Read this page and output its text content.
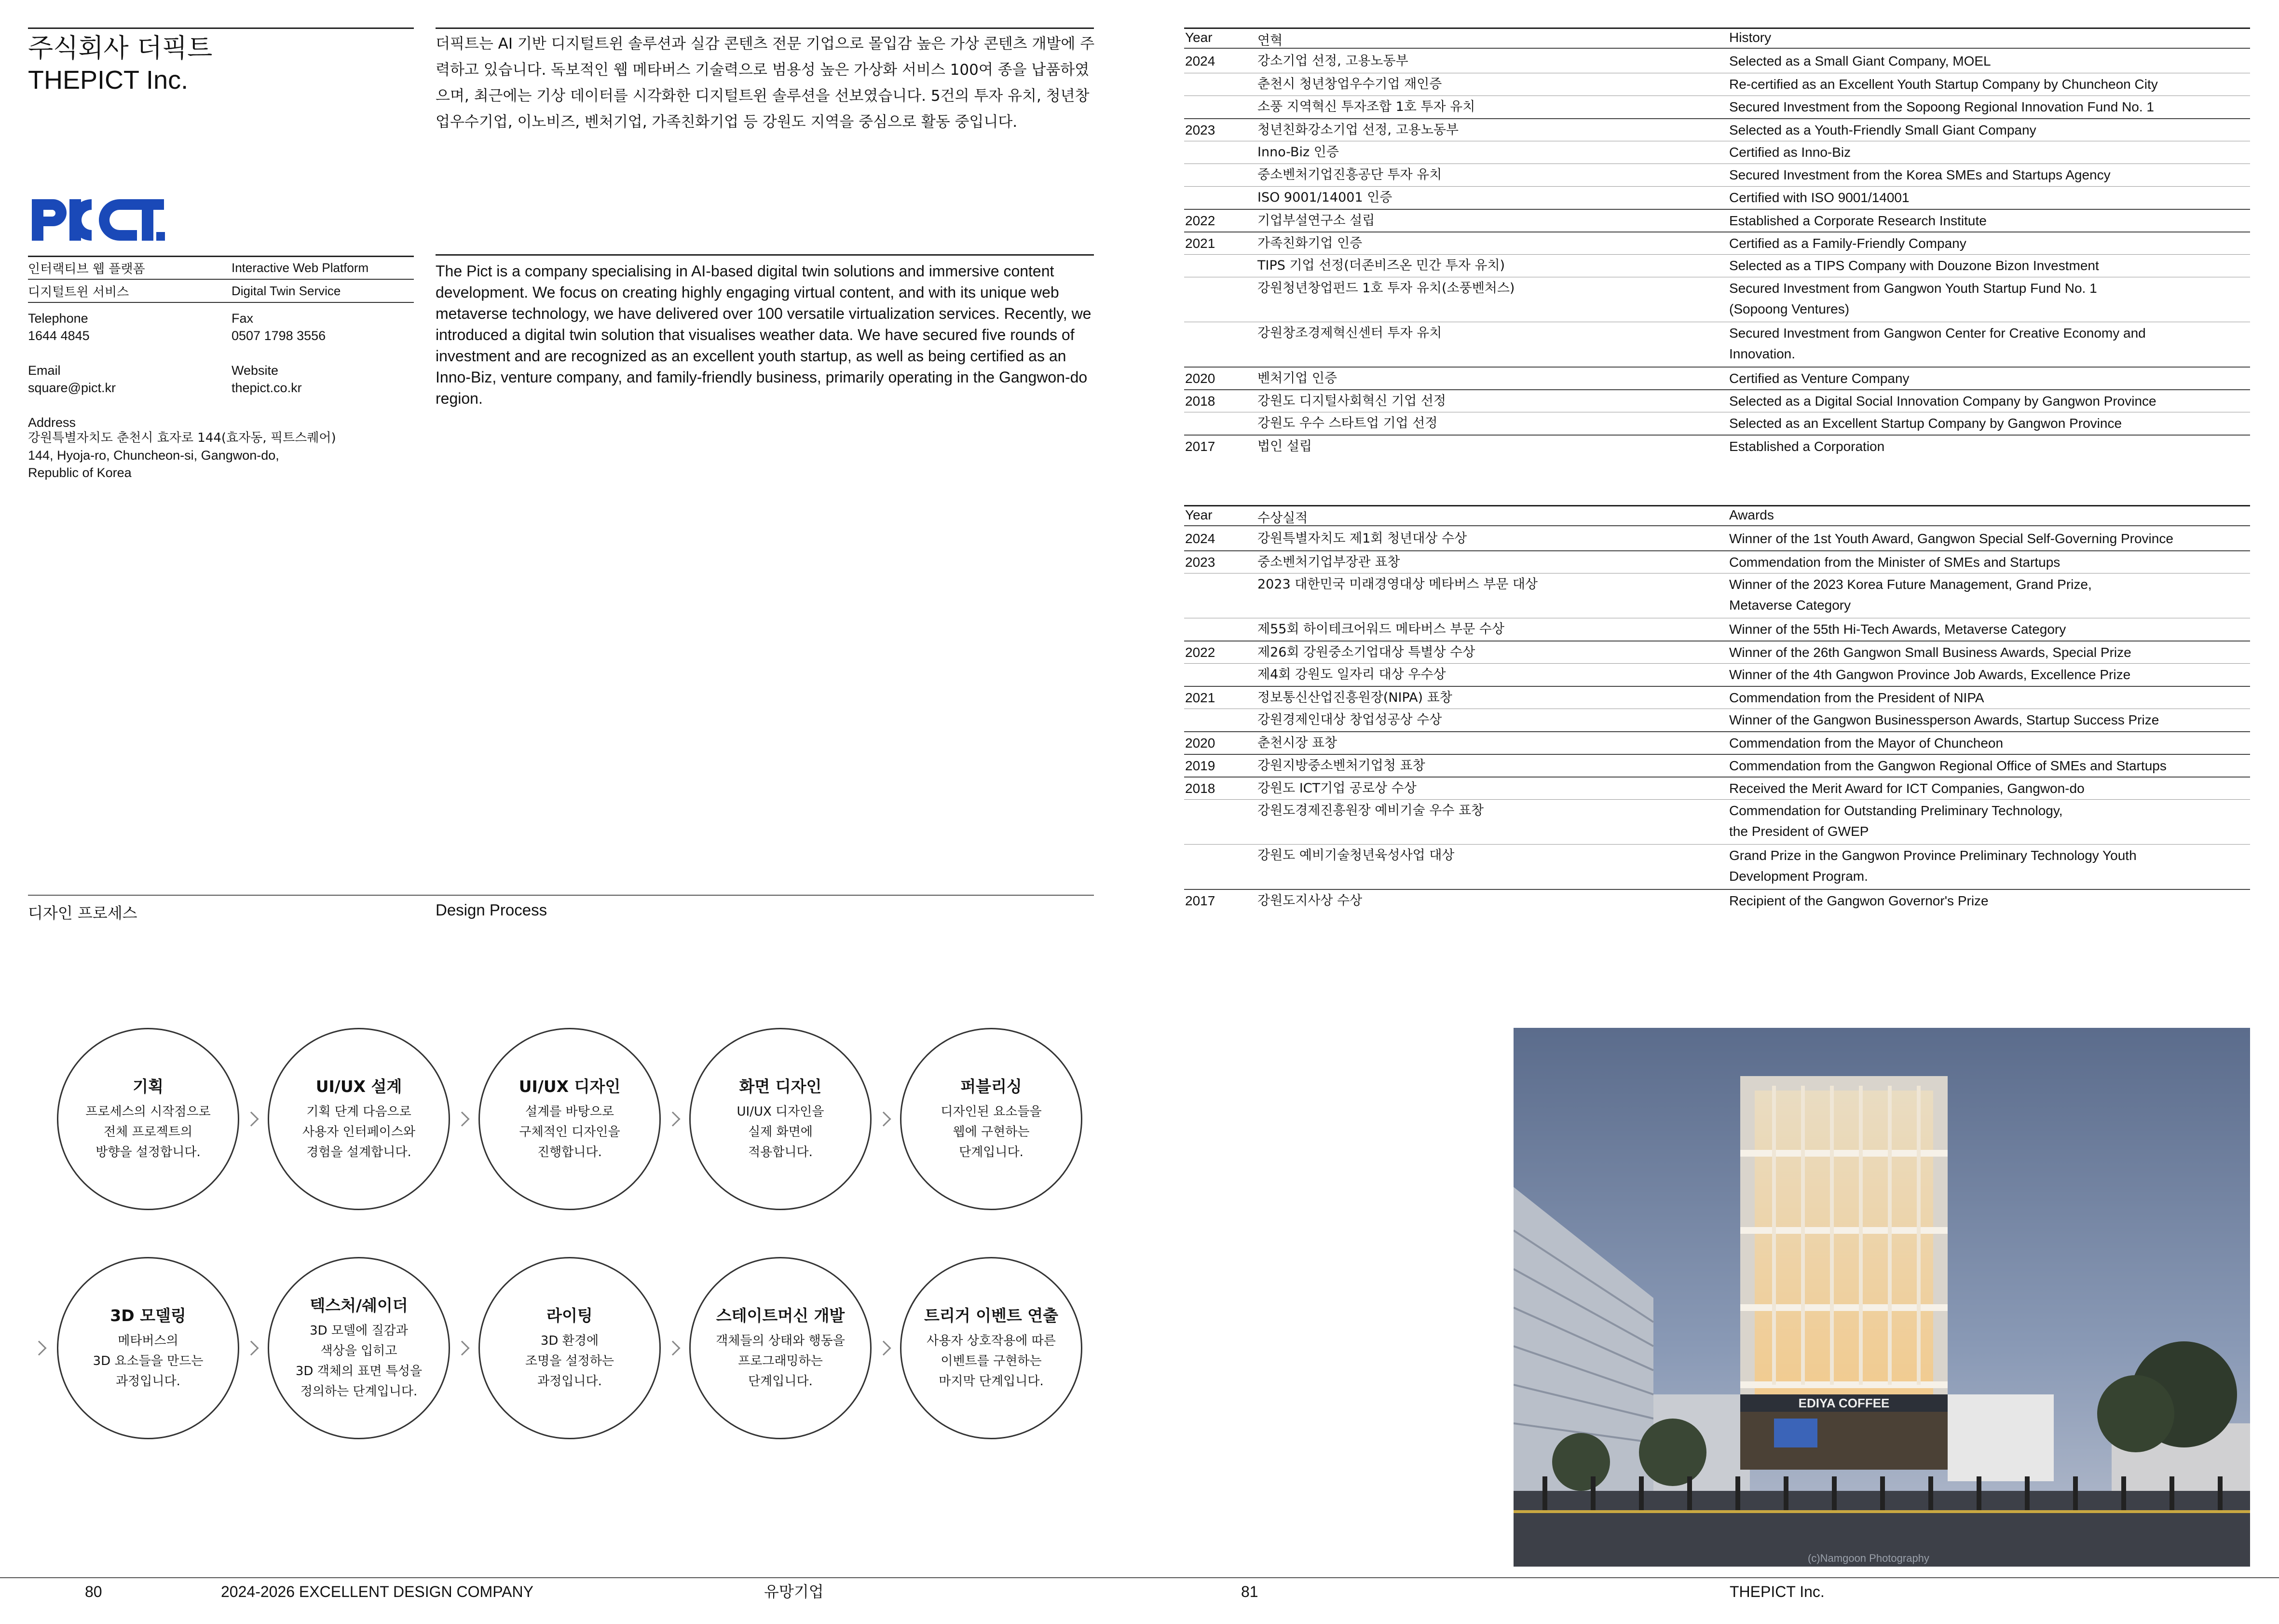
주식회사 더픽트
THEPICT Inc.
더픽트는 AI 기반 디지털트윈 솔루션과 실감 콘텐츠 전문 기업으로 몰입감 높은 가상 콘텐츠 개발에 주력하고 있습니다. 독보적인 웹 메타버스 기술력으로 범용성 높은 가상화 서비스 100여 종을 납품하였으며, 최근에는 기상 데이터를 시각화한 디지털트윈 솔루션을 선보였습니다. 5건의 투자 유치, 청년창업우수기업, 이노비즈, 벤처기업, 가족친화기업 등 강원도 지역을 중심으로 활동 중입니다.
The Pict is a company specialising in AI-based digital twin solutions and immersive content development. We focus on creating highly engaging virtual content, and with its unique web metaverse technology, we have delivered over 100 versatile virtualization services. Recently, we introduced a digital twin solution that visualises weather data. We have secured five rounds of investment and are recognized as an excellent youth startup, as well as being certified as an Inno-Biz, venture company, and family-friendly business, primarily operating in the Gangwon-do region.
인터랙티브 웹 플랫폼	Interactive Web Platform
디지털트윈 서비스	Digital Twin Service
Telephone
1644 4845
Fax
0507 1798 3556
Email
square@pict.kr
Website
thepict.co.kr
Address
강원특별자치도 춘천시 효자로 144(효자동, 픽트스퀘어)
144, Hyoja-ro, Chuncheon-si, Gangwon-do,
Republic of Korea
디자인 프로세스	Design Process
기획
프로세스의 시작점으로
전체 프로젝트의
방향을 설정합니다.
UI/UX 설계
기획 단계 다음으로
사용자 인터페이스와
경험을 설계합니다.
UI/UX 디자인
설계를 바탕으로
구체적인 디자인을
진행합니다.
화면 디자인
UI/UX 디자인을
실제 화면에
적용합니다.
퍼블리싱
디자인된 요소들을
웹에 구현하는
단계입니다.
3D 모델링
메타버스의
3D 요소들을 만드는
과정입니다.
텍스처/쉐이더
3D 모델에 질감과
색상을 입히고
3D 객체의 표면 특성을
정의하는 단계입니다.
라이팅
3D 환경에
조명을 설정하는
과정입니다.
스테이트머신 개발
객체들의 상태와 행동을
프로그래밍하는
단계입니다.
트리거 이벤트 연출
사용자 상호작용에 따른
이벤트를 구현하는
마지막 단계입니다.
Year	연혁	History
2024	강소기업 선정, 고용노동부	Selected as a Small Giant Company, MOEL
춘천시 청년창업우수기업 재인증	Re-certified as an Excellent Youth Startup Company by Chuncheon City
소풍 지역혁신 투자조합 1호 투자 유치	Secured Investment from the Sopoong Regional Innovation Fund No. 1
2023	청년친화강소기업 선정, 고용노동부	Selected as a Youth-Friendly Small Giant Company
Inno-Biz 인증	Certified as Inno-Biz
중소벤처기업진흥공단 투자 유치	Secured Investment from the Korea SMEs and Startups Agency
ISO 9001/14001 인증	Certified with ISO 9001/14001
2022	기업부설연구소 설립	Established a Corporate Research Institute
2021	가족친화기업 인증	Certified as a Family-Friendly Company
TIPS 기업 선정(더존비즈온 민간 투자 유치)	Selected as a TIPS Company with Douzone Bizon Investment
강원청년창업펀드 1호 투자 유치(소풍벤처스)	Secured Investment from Gangwon Youth Startup Fund No. 1
(Sopoong Ventures)
강원창조경제혁신센터 투자 유치	Secured Investment from Gangwon Center for Creative Economy and
Innovation.
2020	벤처기업 인증	Certified as Venture Company
2018	강원도 디지털사회혁신 기업 선정	Selected as a Digital Social Innovation Company by Gangwon Province
강원도 우수 스타트업 기업 선정	Selected as an Excellent Startup Company by Gangwon Province
2017	법인 설립	Established a Corporation
Year	수상실적	Awards
2024	강원특별자치도 제1회 청년대상 수상	Winner of the 1st Youth Award, Gangwon Special Self-Governing Province
2023	중소벤처기업부장관 표창	Commendation from the Minister of SMEs and Startups
2023 대한민국 미래경영대상 메타버스 부문 대상	Winner of the 2023 Korea Future Management, Grand Prize,
Metaverse Category
제55회 하이테크어워드 메타버스 부문 수상	Winner of the 55th Hi-Tech Awards, Metaverse Category
2022	제26회 강원중소기업대상 특별상 수상	Winner of the 26th Gangwon Small Business Awards, Special Prize
제4회 강원도 일자리 대상 우수상	Winner of the 4th Gangwon Province Job Awards, Excellence Prize
2021	정보통신산업진흥원장(NIPA) 표창	Commendation from the President of NIPA
강원경제인대상 창업성공상 수상	Winner of the Gangwon Businessperson Awards, Startup Success Prize
2020	춘천시장 표창	Commendation from the Mayor of Chuncheon
2019	강원지방중소벤처기업청 표창	Commendation from the Gangwon Regional Office of SMEs and Startups
2018	강원도 ICT기업 공로상 수상	Received the Merit Award for ICT Companies, Gangwon-do
강원도경제진흥원장 예비기술 우수 표창	Commendation for Outstanding Preliminary Technology,
the President of GWEP
강원도 예비기술청년육성사업 대상	Grand Prize in the Gangwon Province Preliminary Technology Youth
Development Program.
2017	강원도지사상 수상	Recipient of the Gangwon Governor's Prize
EDIYA COFFEE
(c)Namgoon Photography
80	2024-2026 EXCELLENT DESIGN COMPANY	유망기업	81	THEPICT Inc.
